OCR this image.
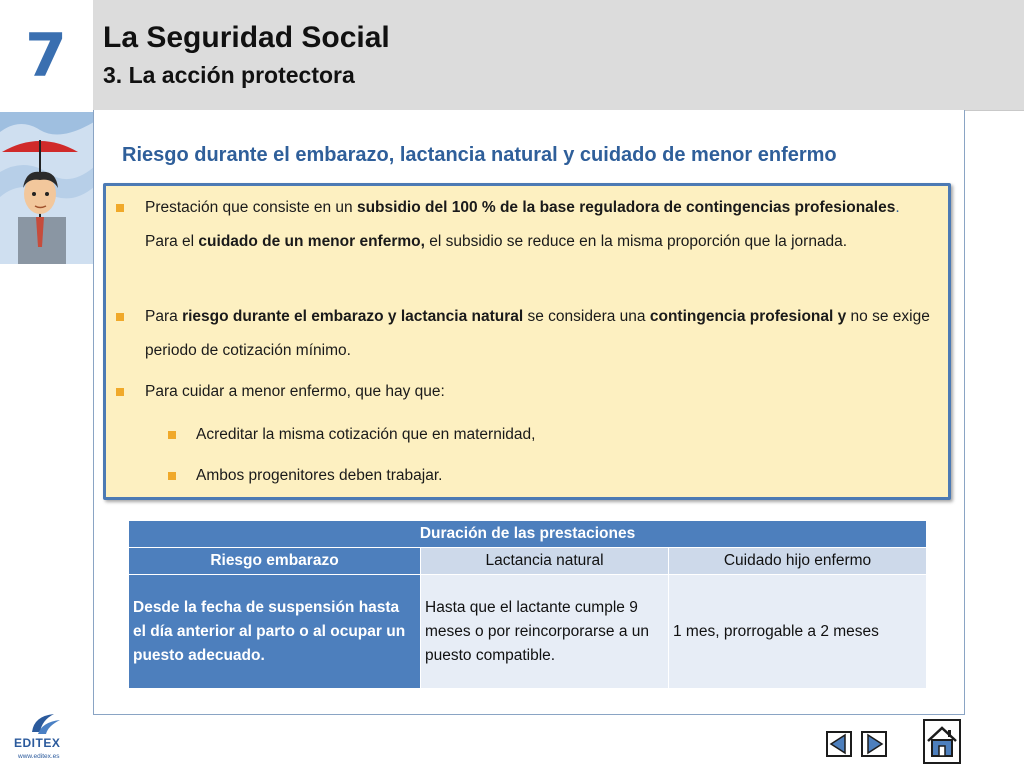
7	La Seguridad Social
3. La acción protectora
Riesgo durante el embarazo, lactancia natural y cuidado de menor enfermo
Prestación que consiste en un subsidio del 100 % de la base reguladora de contingencias profesionales. Para el cuidado de un menor enfermo, el subsidio se reduce en la misma proporción que la jornada.
Para riesgo durante el embarazo y lactancia natural se considera una contingencia profesional y no se exige periodo de cotización mínimo.
Para cuidar a menor enfermo, que hay que:
Acreditar la misma cotización que en maternidad,
Ambos progenitores deben trabajar.
Duración de las prestaciones		
Riesgo embarazo	Lactancia natural	Cuidado hijo enfermo
Desde la fecha de suspensión hasta el día anterior al parto o al ocupar un puesto adecuado.	Hasta que el lactante cumple 9 meses o por reincorporarse a un puesto compatible.	1 mes, prorrogable a 2 meses
EDITEX
www.editex.es
